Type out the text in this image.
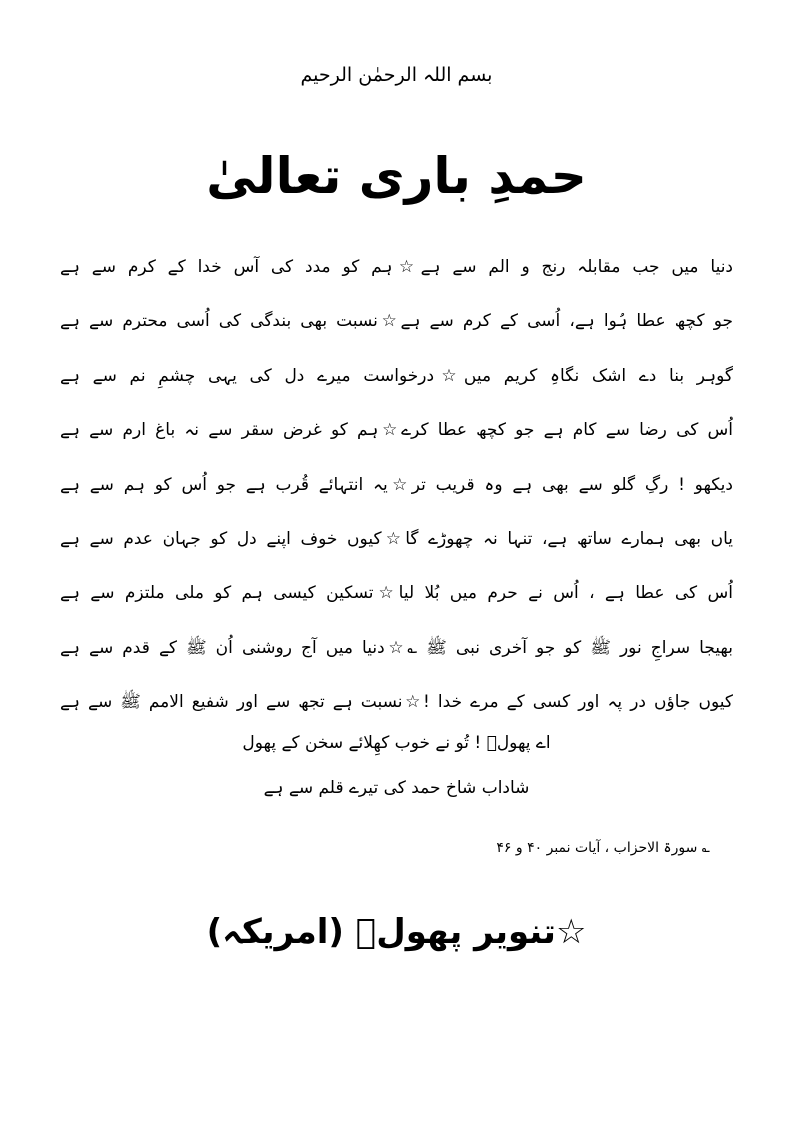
بسم اللہ الرحمٰن الرحیم
حمدِ باری تعالیٰ
دنیا میں جب مقابلہ رنج و الم سے ہے☆ہم کو مدد کی آس خدا کے کرم سے ہے
جو کچھ عطا ہُوا ہے، اُسی کے کرم سے ہے☆نسبت بھی بندگی کی اُسی محترم سے ہے
گوہر بنا دے اشک نگاہِ کریم میں☆درخواست میرے دل کی یہی چشمِ نم سے ہے
اُس کی رضا سے کام ہے جو کچھ عطا کرے☆ہم کو غرض سقر سے نہ باغ ارم سے ہے
دیکھو ! رگِ گلو سے بھی ہے وہ قریب تر☆یہ انتہائے قُرب ہے جو اُس کو ہم سے ہے
یاں بھی ہمارے ساتھ ہے، تنہا نہ چھوڑے گا☆کیوں خوف اپنے دل کو جہان عدم سے ہے
اُس کی عطا ہے ، اُس نے حرم میں بُلا لیا☆تسکین کیسی ہم کو ملی ملتزم سے ہے
بھیجا سراجِ نور ﷺ کو جو آخری نبی ﷺ ؎☆دنیا میں آج روشنی اُن ﷺ کے قدم سے ہے
کیوں جاؤں در پہ اور کسی کے مرے خدا !☆نسبت ہے تجھ سے اور شفیع الامم ﷺ سے ہے
اے پھولؔ ! تُو نے خوب کھِلائے سخن کے پھول
شاداب شاخ حمد کی تیرے قلم سے ہے
؎ سورۃ الاحزاب ، آیات نمبر ۴۰ و ۴۶
☆تنویر پھولؔ (امریکہ)
